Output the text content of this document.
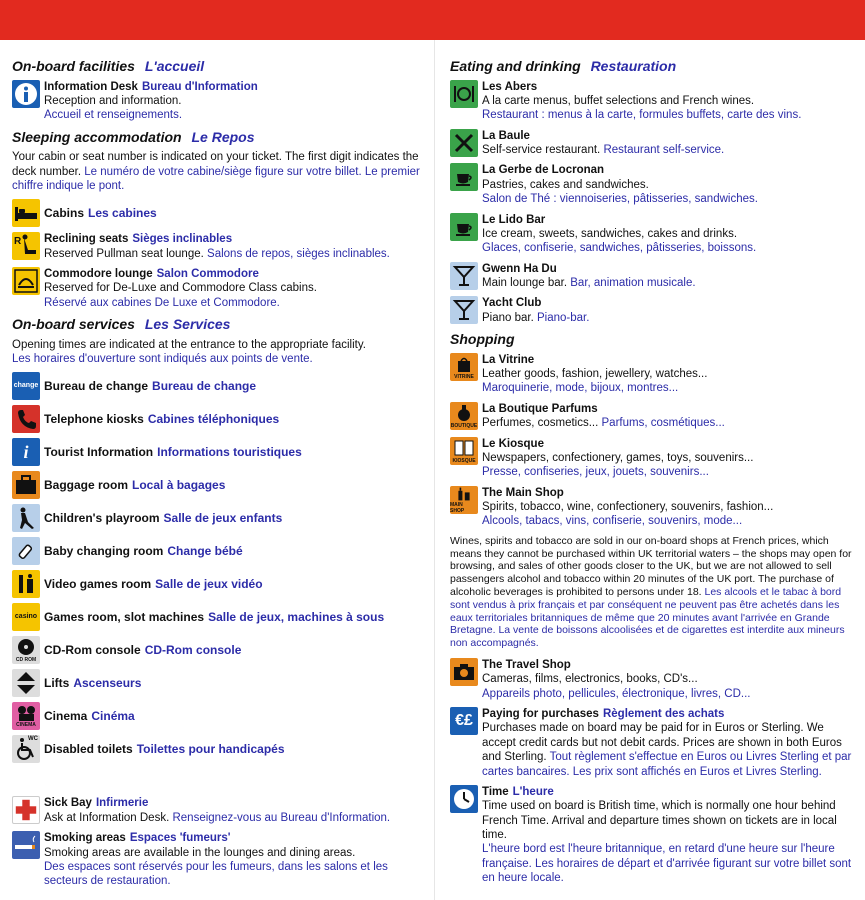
On-board facilities L'accueil
Information Desk Bureau d'Information
Reception and information.
Accueil et renseignements.
Sleeping accommodation Le Repos
Your cabin or seat number is indicated on your ticket. The first digit indicates the deck number. Le numéro de votre cabine/siège figure sur votre billet. Le premier chiffre indique le pont.
Cabins Les cabines
R Reclining seats Sièges inclinables
Reserved Pullman seat lounge. Salons de repos, sièges inclinables.
Commodore lounge Salon Commodore
Reserved for De-Luxe and Commodore Class cabins.
Réservé aux cabines De Luxe et Commodore.
On-board services Les Services
Opening times are indicated at the entrance to the appropriate facility.
Les horaires d'ouverture sont indiqués aux points de vente.
change Bureau de change Bureau de change
Telephone kiosks Cabines téléphoniques
i Tourist Information Informations touristiques
Baggage room Local à bagages
Children's playroom Salle de jeux enfants
Baby changing room Change bébé
Video games room Salle de jeux vidéo
casino Games room, slot machines Salle de jeux, machines à sous
CD ROM
CD-Rom console CD-Rom console
Lifts Ascenseurs
CINEMA
Cinema Cinéma
WC
Disabled toilets Toilettes pour handicapés
Sick Bay Infirmerie
Ask at Information Desk. Renseignez-vous au Bureau d'Information.
Smoking areas Espaces 'fumeurs'
Smoking areas are available in the lounges and dining areas.
Des espaces sont réservés pour les fumeurs, dans les salons et les secteurs de restauration.
Eating and drinking Restauration
Les Abers
A la carte menus, buffet selections and French wines.
Restaurant : menus à la carte, formules buffets, carte des vins.
La Baule
Self-service restaurant. Restaurant self-service.
La Gerbe de Locronan
Pastries, cakes and sandwiches.
Salon de Thé : viennoiseries, pâtisseries, sandwiches.
Le Lido Bar
Ice cream, sweets, sandwiches, cakes and drinks.
Glaces, confiserie, sandwiches, pâtisseries, boissons.
Gwenn Ha Du
Main lounge bar. Bar, animation musicale.
Yacht Club
Piano bar. Piano-bar.
Shopping
VITRINE
La Vitrine
Leather goods, fashion, jewellery, watches...
Maroquinerie, mode, bijoux, montres...
BOUTIQUE
La Boutique Parfums
Perfumes, cosmetics... Parfums, cosmétiques...
KIOSQUE
Le Kiosque
Newspapers, confectionery, games, toys, souvenirs...
Presse, confiseries, jeux, jouets, souvenirs...
MAIN SHOP
The Main Shop
Spirits, tobacco, wine, confectionery, souvenirs, fashion...
Alcools, tabacs, vins, confiserie, souvenirs, mode...
Wines, spirits and tobacco are sold in our on-board shops at French prices, which means they cannot be purchased within UK territorial waters – the shops may open for browsing, and sales of other goods closer to the UK, but we are not allowed to sell passengers alcohol and tobacco within 20 minutes of the UK port. The purchase of alcoholic beverages is prohibited to persons under 18. Les alcools et le tabac à bord sont vendus à prix français et par conséquent ne peuvent pas être achetés dans les eaux territoriales britanniques de même que 20 minutes avant l'arrivée en Grande Bretagne. La vente de boissons alcoolisées et de cigarettes est interdite aux mineurs non accompagnés.
The Travel Shop
Cameras, films, electronics, books, CD's...
Appareils photo, pellicules, électronique, livres, CD...
€£ Paying for purchases Règlement des achats
Purchases made on board may be paid for in Euros or Sterling. We accept credit cards but not debit cards. Prices are shown in both Euros and Sterling. Tout règlement s'effectue en Euros ou Livres Sterling et par cartes bancaires. Les prix sont affichés en Euros et Livres Sterling.
Time L'heure
Time used on board is British time, which is normally one hour behind French Time. Arrival and departure times shown on tickets are in local time.
L'heure bord est l'heure britannique, en retard d'une heure sur l'heure française. Les horaires de départ et d'arrivée figurant sur votre billet sont en heure locale.
